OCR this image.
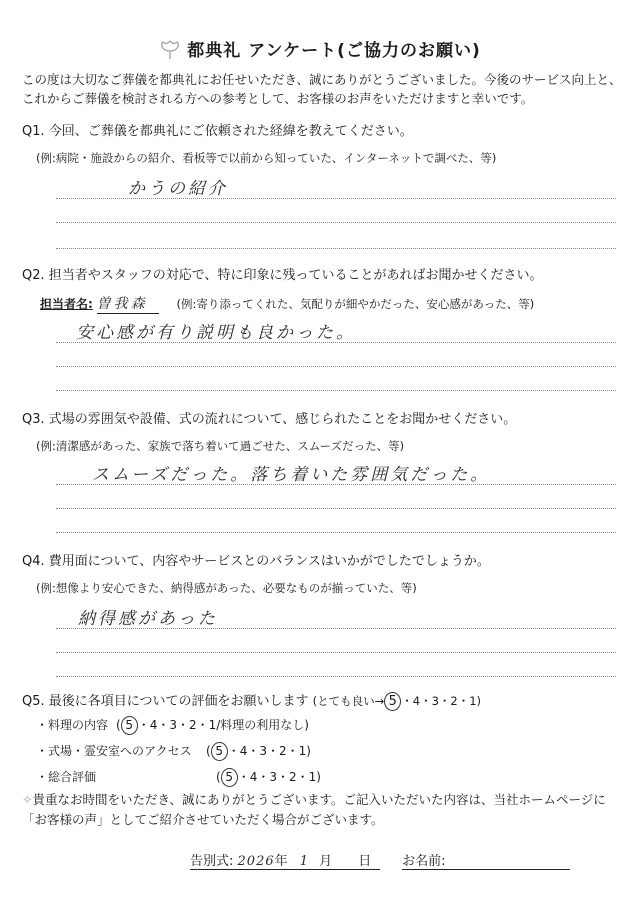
都典礼 アンケート(ご協力のお願い)
この度は大切なご葬儀を都典礼にお任せいただき、誠にありがとうございました。今後のサービス向上と、これからご葬儀を検討される方への参考として、お客様のお声をいただけますと幸いです。
Q1. 今回、ご葬儀を都典礼にご依頼された経緯を教えてください。
(例:病院・施設からの紹介、看板等で以前から知っていた、インターネットで調べた、等)
かうの紹介
Q2. 担当者やスタッフの対応で、特に印象に残っていることがあればお聞かせください。
担当者名: 曽我森	(例:寄り添ってくれた、気配りが細やかだった、安心感があった、等)
安心感が有り説明も良かった。
Q3. 式場の雰囲気や設備、式の流れについて、感じられたことをお聞かせください。
(例:清潔感があった、家族で落ち着いて過ごせた、スムーズだった、等)
スムーズだった。落ち着いた雰囲気だった。
Q4. 費用面について、内容やサービスとのバランスはいかがでしたでしょうか。
(例:想像より安心できた、納得感があった、必要なものが揃っていた、等)
納得感があった
Q5. 最後に各項目についての評価をお願いします (とても良い→ 5 ・4・3・2・1)
・料理の内容 ( 5 ・4・3・2・1/料理の利用なし)
・式場・霊安室へのアクセス ( 5 ・4・3・2・1)
・総合評価	( 5 ・4・3・2・1)
✧貴重なお時間をいただき、誠にありがとうございます。ご記入いただいた内容は、当社ホームページに「お客様の声」としてご紹介させていただく場合がございます。
告別式: 2026年 1 月 日 お名前:
